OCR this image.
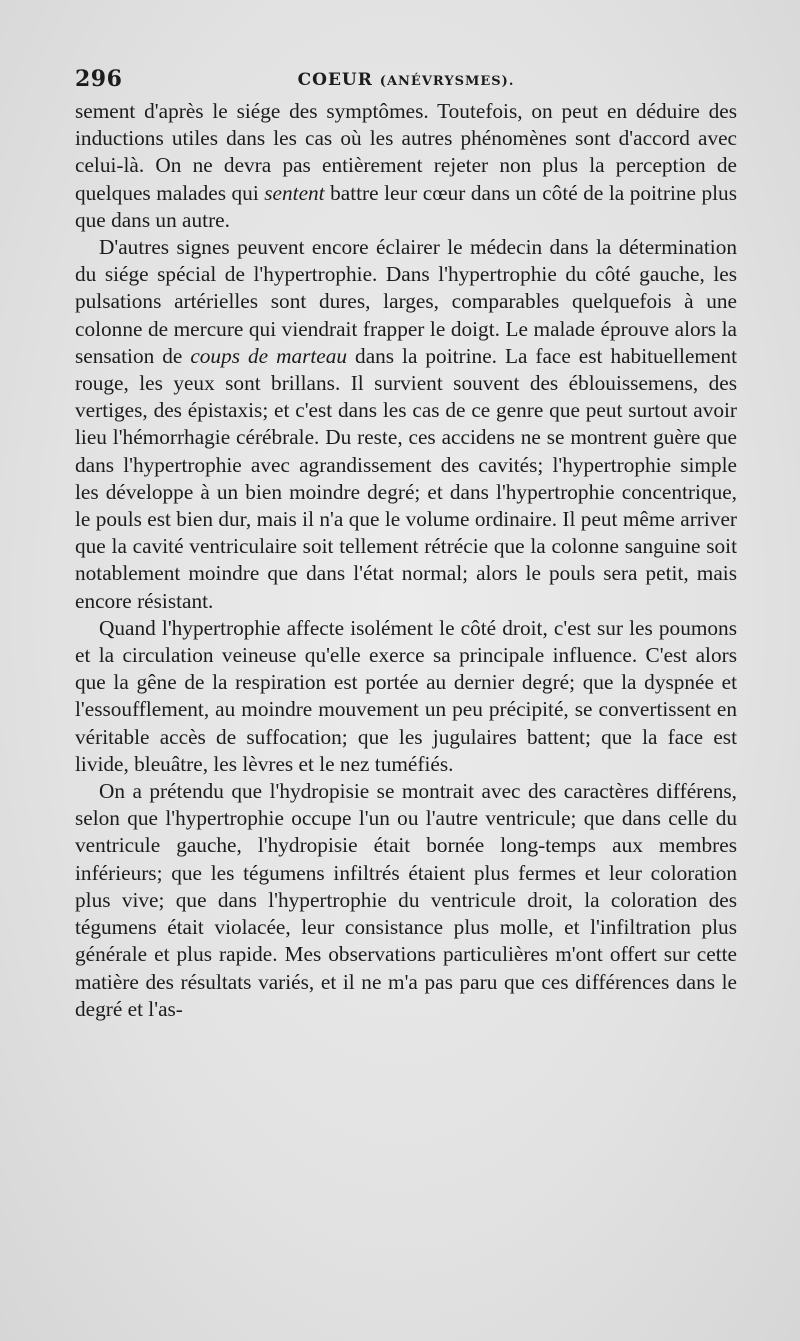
296	COEUR (ANÉVRYSMES).

sement d'après le siége des symptômes. Toutefois, on peut en déduire des inductions utiles dans les cas où les autres phénomènes sont d'accord avec celui-là. On ne devra pas entièrement rejeter non plus la perception de quelques malades qui sentent battre leur cœur dans un côté de la poitrine plus que dans un autre.

D'autres signes peuvent encore éclairer le médecin dans la détermination du siége spécial de l'hypertrophie. Dans l'hypertrophie du côté gauche, les pulsations artérielles sont dures, larges, comparables quelquefois à une colonne de mercure qui viendrait frapper le doigt. Le malade éprouve alors la sensation de coups de marteau dans la poitrine. La face est habituellement rouge, les yeux sont brillans. Il survient souvent des éblouissemens, des vertiges, des épistaxis; et c'est dans les cas de ce genre que peut surtout avoir lieu l'hémorrhagie cérébrale. Du reste, ces accidens ne se montrent guère que dans l'hypertrophie avec agrandissement des cavités; l'hypertrophie simple les développe à un bien moindre degré; et dans l'hypertrophie concentrique, le pouls est bien dur, mais il n'a que le volume ordinaire. Il peut même arriver que la cavité ventriculaire soit tellement rétrécie que la colonne sanguine soit notablement moindre que dans l'état normal; alors le pouls sera petit, mais encore résistant.

Quand l'hypertrophie affecte isolément le côté droit, c'est sur les poumons et la circulation veineuse qu'elle exerce sa principale influence. C'est alors que la gêne de la respiration est portée au dernier degré; que la dyspnée et l'essoufflement, au moindre mouvement un peu précipité, se convertissent en véritable accès de suffocation; que les jugulaires battent; que la face est livide, bleuâtre, les lèvres et le nez tuméfiés.

On a prétendu que l'hydropisie se montrait avec des caractères différens, selon que l'hypertrophie occupe l'un ou l'autre ventricule; que dans celle du ventricule gauche, l'hydropisie était bornée long-temps aux membres inférieurs; que les tégumens infiltrés étaient plus fermes et leur coloration plus vive; que dans l'hypertrophie du ventricule droit, la coloration des tégumens était violacée, leur consistance plus molle, et l'infiltration plus générale et plus rapide. Mes observations particulières m'ont offert sur cette matière des résultats variés, et il ne m'a pas paru que ces différences dans le degré et l'as-
